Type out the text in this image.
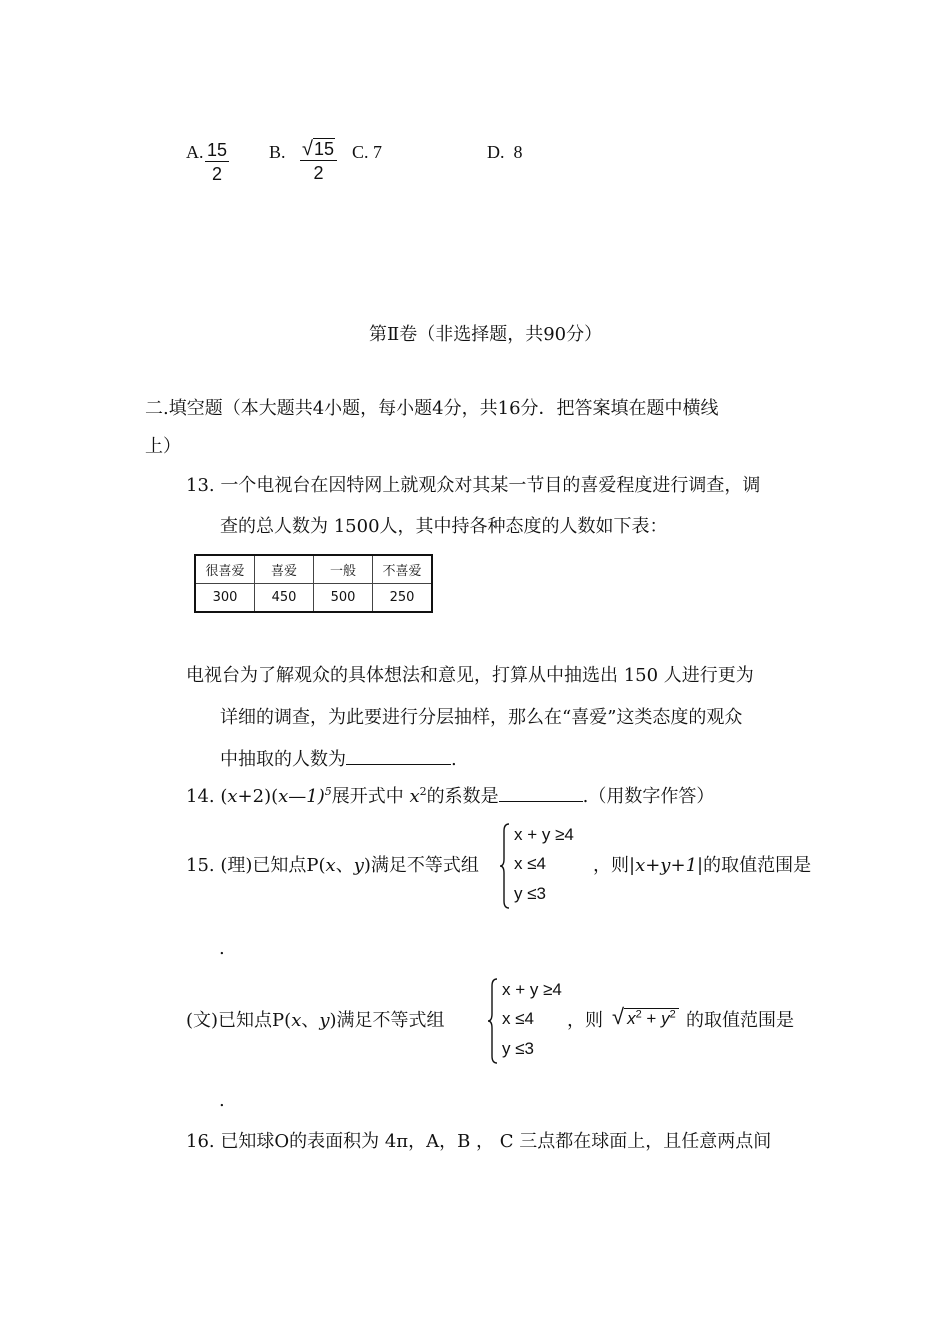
A. $\frac{15}{2} B$. $\frac{√15}{2} C$. 7	D.  8
第Ⅱ卷（非选择题，共90分）
二.填空题（本大题共4小题，每小题4分，共16分．把答案填在题中横线
上）
13. 一个电视台在因特网上就观众对其某一节目的喜爱程度进行调查，调
查的总人数为 1500人，其中持各种态度的人数如下表：
很喜爱	喜爱	一般	不喜爱
300	450	500	250
电视台为了解观众的具体想法和意见，打算从中抽选出 150 人进行更为
详细的调查，为此要进行分层抽样，那么在“喜爱”这类态度的观众
中抽取的人数为	.
14. (x+2)(x—1)$^5$展开式中 $x^2$的系数是	.（用数字作答）
15. (理)已知点P(x、y)满足不等式组
x + y ≥4
x ≤4
y ≤3
，则|x+y+1|的取值范围是
.
(文)已知点P(x、y)满足不等式组
x + y ≥4
x ≤4
y ≤3
，则 √ $x^2 + y^2$ 的取值范围是
.
16. 已知球O的表面积为 4π，A，B ， C 三点都在球面上，且任意两点间
